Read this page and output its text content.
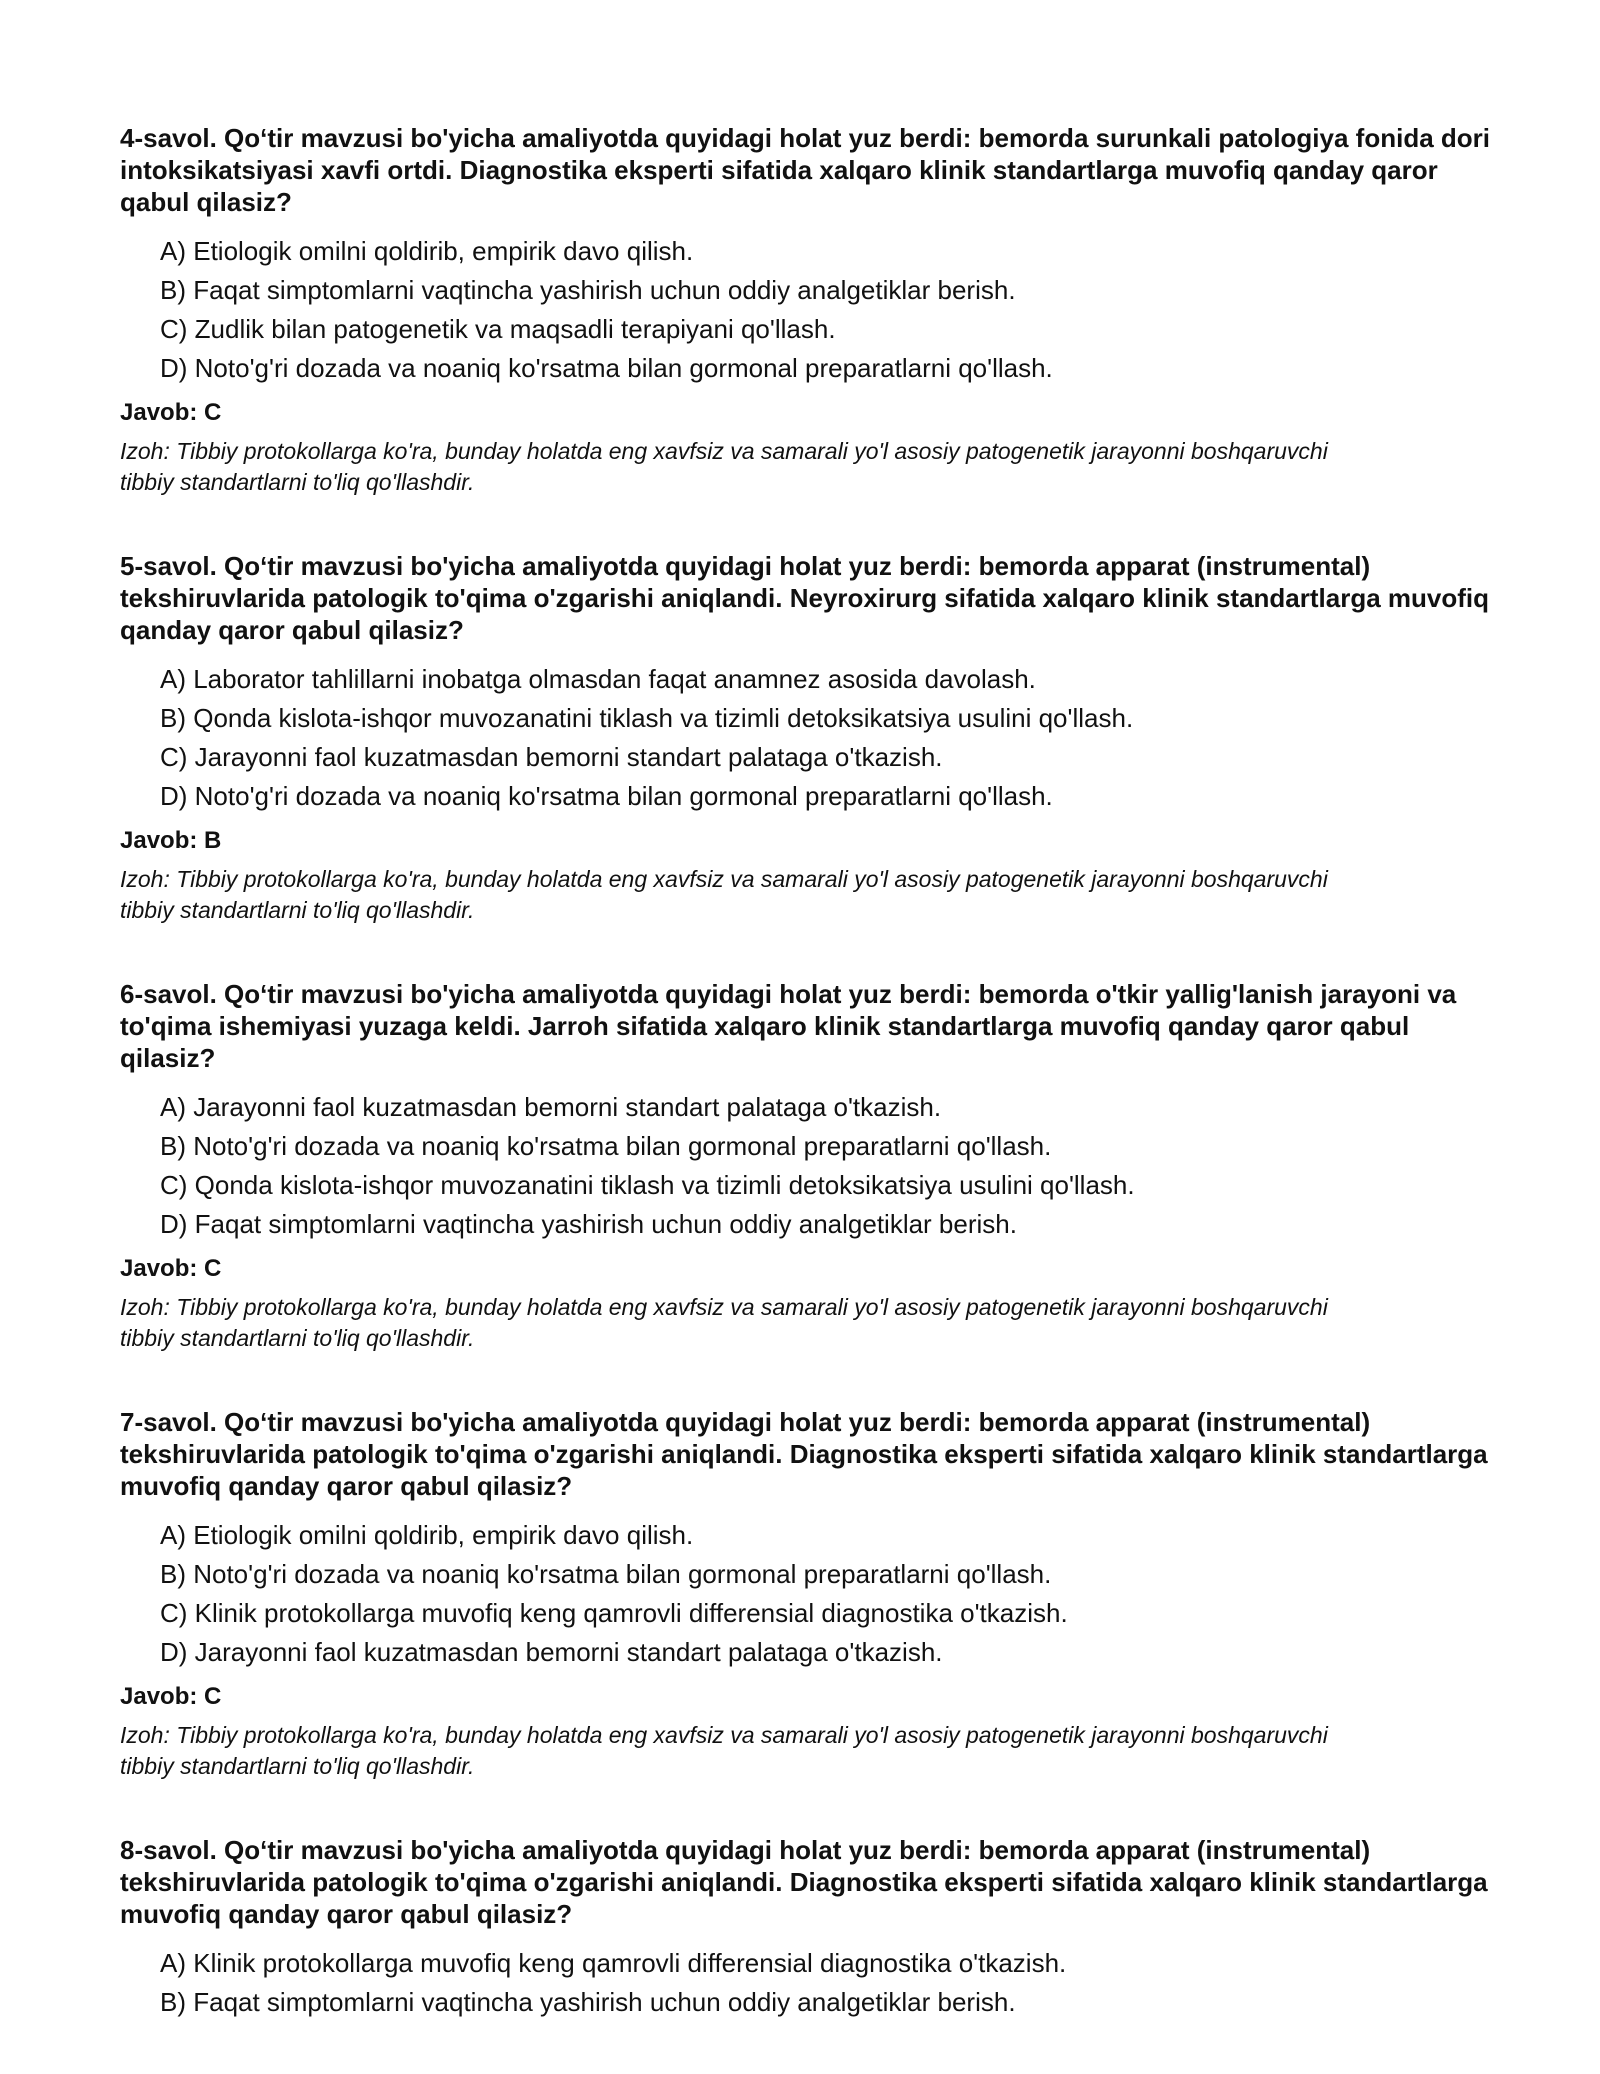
4-savol. Qo‘tir mavzusi bo'yicha amaliyotda quyidagi holat yuz berdi: bemorda surunkali patologiya fonida dori intoksikatsiyasi xavfi ortdi. Diagnostika eksperti sifatida xalqaro klinik standartlarga muvofiq qanday qaror qabul qilasiz?

A) Etiologik omilni qoldirib, empirik davo qilish.
B) Faqat simptomlarni vaqtincha yashirish uchun oddiy analgetiklar berish.
C) Zudlik bilan patogenetik va maqsadli terapiyani qo'llash.
D) Noto'g'ri dozada va noaniq ko'rsatma bilan gormonal preparatlarni qo'llash.

Javob: C

Izoh: Tibbiy protokollarga ko'ra, bunday holatda eng xavfsiz va samarali yo'l asosiy patogenetik jarayonni boshqaruvchi tibbiy standartlarni to'liq qo'llashdir.

5-savol. Qo‘tir mavzusi bo'yicha amaliyotda quyidagi holat yuz berdi: bemorda apparat (instrumental) tekshiruvlarida patologik to'qima o'zgarishi aniqlandi. Neyroxirurg sifatida xalqaro klinik standartlarga muvofiq qanday qaror qabul qilasiz?

A) Laborator tahlillarni inobatga olmasdan faqat anamnez asosida davolash.
B) Qonda kislota-ishqor muvozanatini tiklash va tizimli detoksikatsiya usulini qo'llash.
C) Jarayonni faol kuzatmasdan bemorni standart palataga o'tkazish.
D) Noto'g'ri dozada va noaniq ko'rsatma bilan gormonal preparatlarni qo'llash.

Javob: B

Izoh: Tibbiy protokollarga ko'ra, bunday holatda eng xavfsiz va samarali yo'l asosiy patogenetik jarayonni boshqaruvchi tibbiy standartlarni to'liq qo'llashdir.

6-savol. Qo‘tir mavzusi bo'yicha amaliyotda quyidagi holat yuz berdi: bemorda o'tkir yallig'lanish jarayoni va to'qima ishemiyasi yuzaga keldi. Jarroh sifatida xalqaro klinik standartlarga muvofiq qanday qaror qabul qilasiz?

A) Jarayonni faol kuzatmasdan bemorni standart palataga o'tkazish.
B) Noto'g'ri dozada va noaniq ko'rsatma bilan gormonal preparatlarni qo'llash.
C) Qonda kislota-ishqor muvozanatini tiklash va tizimli detoksikatsiya usulini qo'llash.
D) Faqat simptomlarni vaqtincha yashirish uchun oddiy analgetiklar berish.

Javob: C

Izoh: Tibbiy protokollarga ko'ra, bunday holatda eng xavfsiz va samarali yo'l asosiy patogenetik jarayonni boshqaruvchi tibbiy standartlarni to'liq qo'llashdir.

7-savol. Qo‘tir mavzusi bo'yicha amaliyotda quyidagi holat yuz berdi: bemorda apparat (instrumental) tekshiruvlarida patologik to'qima o'zgarishi aniqlandi. Diagnostika eksperti sifatida xalqaro klinik standartlarga muvofiq qanday qaror qabul qilasiz?

A) Etiologik omilni qoldirib, empirik davo qilish.
B) Noto'g'ri dozada va noaniq ko'rsatma bilan gormonal preparatlarni qo'llash.
C) Klinik protokollarga muvofiq keng qamrovli differensial diagnostika o'tkazish.
D) Jarayonni faol kuzatmasdan bemorni standart palataga o'tkazish.

Javob: C

Izoh: Tibbiy protokollarga ko'ra, bunday holatda eng xavfsiz va samarali yo'l asosiy patogenetik jarayonni boshqaruvchi tibbiy standartlarni to'liq qo'llashdir.

8-savol. Qo‘tir mavzusi bo'yicha amaliyotda quyidagi holat yuz berdi: bemorda apparat (instrumental) tekshiruvlarida patologik to'qima o'zgarishi aniqlandi. Diagnostika eksperti sifatida xalqaro klinik standartlarga muvofiq qanday qaror qabul qilasiz?

A) Klinik protokollarga muvofiq keng qamrovli differensial diagnostika o'tkazish.
B) Faqat simptomlarni vaqtincha yashirish uchun oddiy analgetiklar berish.
